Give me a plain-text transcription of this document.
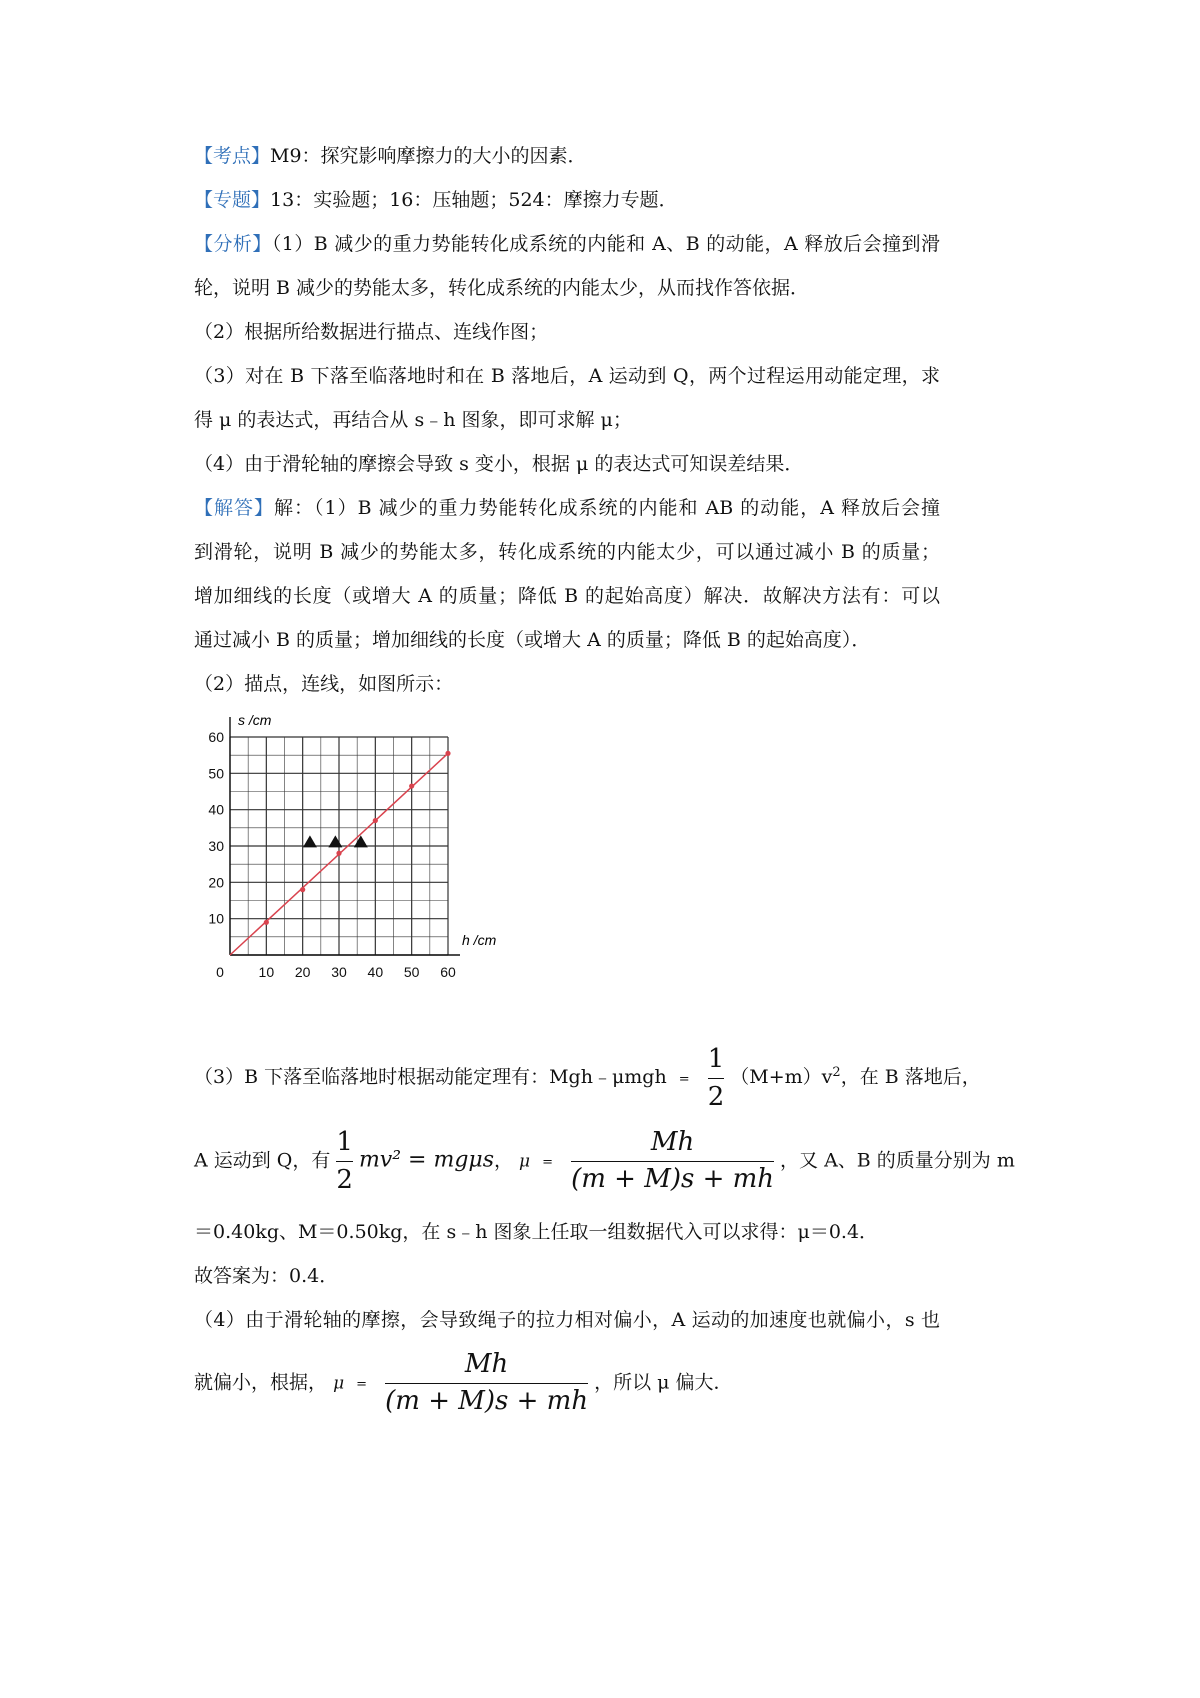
【考点】M9：探究影响摩擦力的大小的因素．
【专题】13：实验题；16：压轴题；524：摩擦力专题．
【分析】（1）B 减少的重力势能转化成系统的内能和 A、B 的动能，A 释放后会撞到滑
轮，说明 B 减少的势能太多，转化成系统的内能太少，从而找作答依据．
（2）根据所给数据进行描点、连线作图；
（3）对在 B 下落至临落地时和在 B 落地后，A 运动到 Q，两个过程运用动能定理，求
得 μ 的表达式，再结合从 s﹣h 图象，即可求解 μ；
（4）由于滑轮轴的摩擦会导致 s 变小，根据 μ 的表达式可知误差结果．
【解答】解：（1）B 减少的重力势能转化成系统的内能和 AB 的动能，A 释放后会撞
到滑轮，说明 B 减少的势能太多，转化成系统的内能太少，可以通过减小 B 的质量；
增加细线的长度（或增大 A 的质量；降低 B 的起始高度）解决．故解决方法有：可以
通过减小 B 的质量；增加细线的长度（或增大 A 的质量；降低 B 的起始高度）．
（2）描点，连线，如图所示：
0 10 20 30 40 50 60
10
20
30
40
50
60
s /cm
h /cm
（3）B 下落至临落地时根据动能定理有：Mgh﹣μmgh = $\frac{1}{2} (M+m)v^2$，在 B 落地后，
A 运动到 Q，有 $\frac{1}{2} mv^2 = mg\mu s$， $\mu = \frac{Mh}{(m + M)s + mh}$ ，又 A、B 的质量分别为 m
＝0.40kg、M＝0.50kg，在 s﹣h 图象上任取一组数据代入可以求得：μ＝0.4．
故答案为：0.4．
（4）由于滑轮轴的摩擦，会导致绳子的拉力相对偏小，A 运动的加速度也就偏小，s 也
就偏小，根据， $\mu = \frac{Mh}{(m + M)s + mh}$ ，所以 μ 偏大．
